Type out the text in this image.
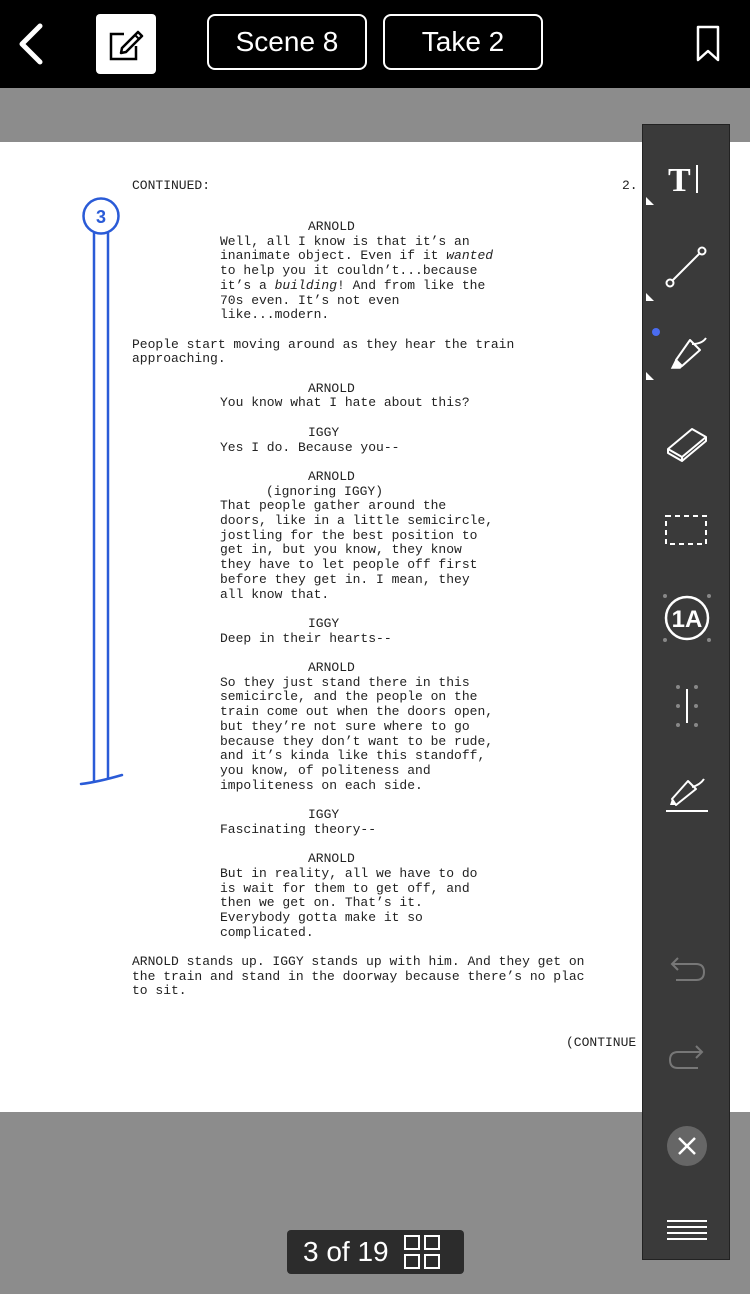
Scene 8	Take 2

CONTINUED:

	2.

(CONTINUE

ARNOLD
Well, all I know is that it’s an
inanimate object. Even if it wanted
to help you it couldn’t...because
it’s a building! And from like the
70s even. It’s not even
like...modern.
People start moving around as they hear the train
approaching.
ARNOLD
You know what I hate about this?
IGGY
Yes I do. Because you--
ARNOLD
(ignoring IGGY)
That people gather around the
doors, like in a little semicircle,
jostling for the best position to
get in, but you know, they know
they have to let people off first
before they get in. I mean, they
all know that.
IGGY
Deep in their hearts--
ARNOLD
So they just stand there in this
semicircle, and the people on the
train come out when the doors open,
but they’re not sure where to go
because they don’t want to be rude,
and it’s kinda like this standoff,
you know, of politeness and
impoliteness on each side.
IGGY
Fascinating theory--
ARNOLD
But in reality, all we have to do
is wait for them to get off, and
then we get on. That’s it.
Everybody gotta make it so
complicated.
ARNOLD stands up. IGGY stands up with him. And they get on
the train and stand in the doorway because there’s no plac
to sit.
3
T
1A
3 of 19
